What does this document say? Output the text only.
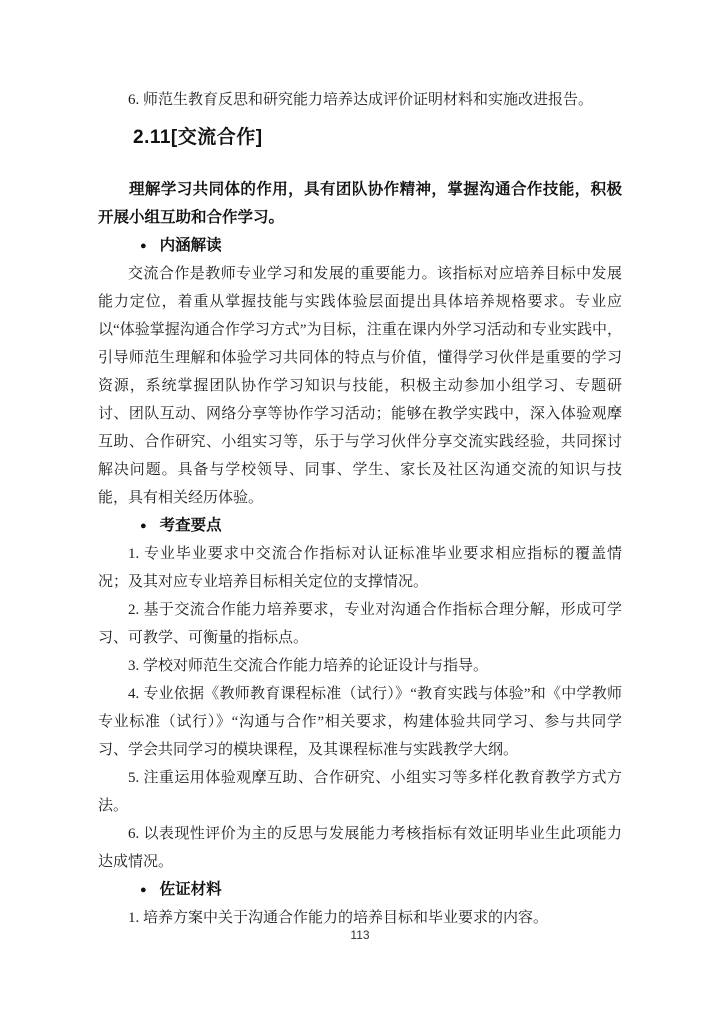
6. 师范生教育反思和研究能力培养达成评价证明材料和实施改进报告。

2.11[交流合作]

理解学习共同体的作用，具有团队协作精神，掌握沟通合作技能，积极开展小组互助和合作学习。

● 内涵解读

交流合作是教师专业学习和发展的重要能力。该指标对应培养目标中发展能力定位，着重从掌握技能与实践体验层面提出具体培养规格要求。专业应以“体验掌握沟通合作学习方式”为目标，注重在课内外学习活动和专业实践中，引导师范生理解和体验学习共同体的特点与价值，懂得学习伙伴是重要的学习资源，系统掌握团队协作学习知识与技能，积极主动参加小组学习、专题研讨、团队互动、网络分享等协作学习活动；能够在教学实践中，深入体验观摩互助、合作研究、小组实习等，乐于与学习伙伴分享交流实践经验，共同探讨解决问题。具备与学校领导、同事、学生、家长及社区沟通交流的知识与技能，具有相关经历体验。

● 考查要点

1. 专业毕业要求中交流合作指标对认证标准毕业要求相应指标的覆盖情况；及其对应专业培养目标相关定位的支撑情况。

2. 基于交流合作能力培养要求，专业对沟通合作指标合理分解，形成可学习、可教学、可衡量的指标点。

3. 学校对师范生交流合作能力培养的论证设计与指导。

4. 专业依据《教师教育课程标准（试行）》“教育实践与体验”和《中学教师专业标准（试行）》“沟通与合作”相关要求，构建体验共同学习、参与共同学习、学会共同学习的模块课程，及其课程标准与实践教学大纲。

5. 注重运用体验观摩互助、合作研究、小组实习等多样化教育教学方式方法。

6. 以表现性评价为主的反思与发展能力考核指标有效证明毕业生此项能力达成情况。

● 佐证材料

1. 培养方案中关于沟通合作能力的培养目标和毕业要求的内容。

113
